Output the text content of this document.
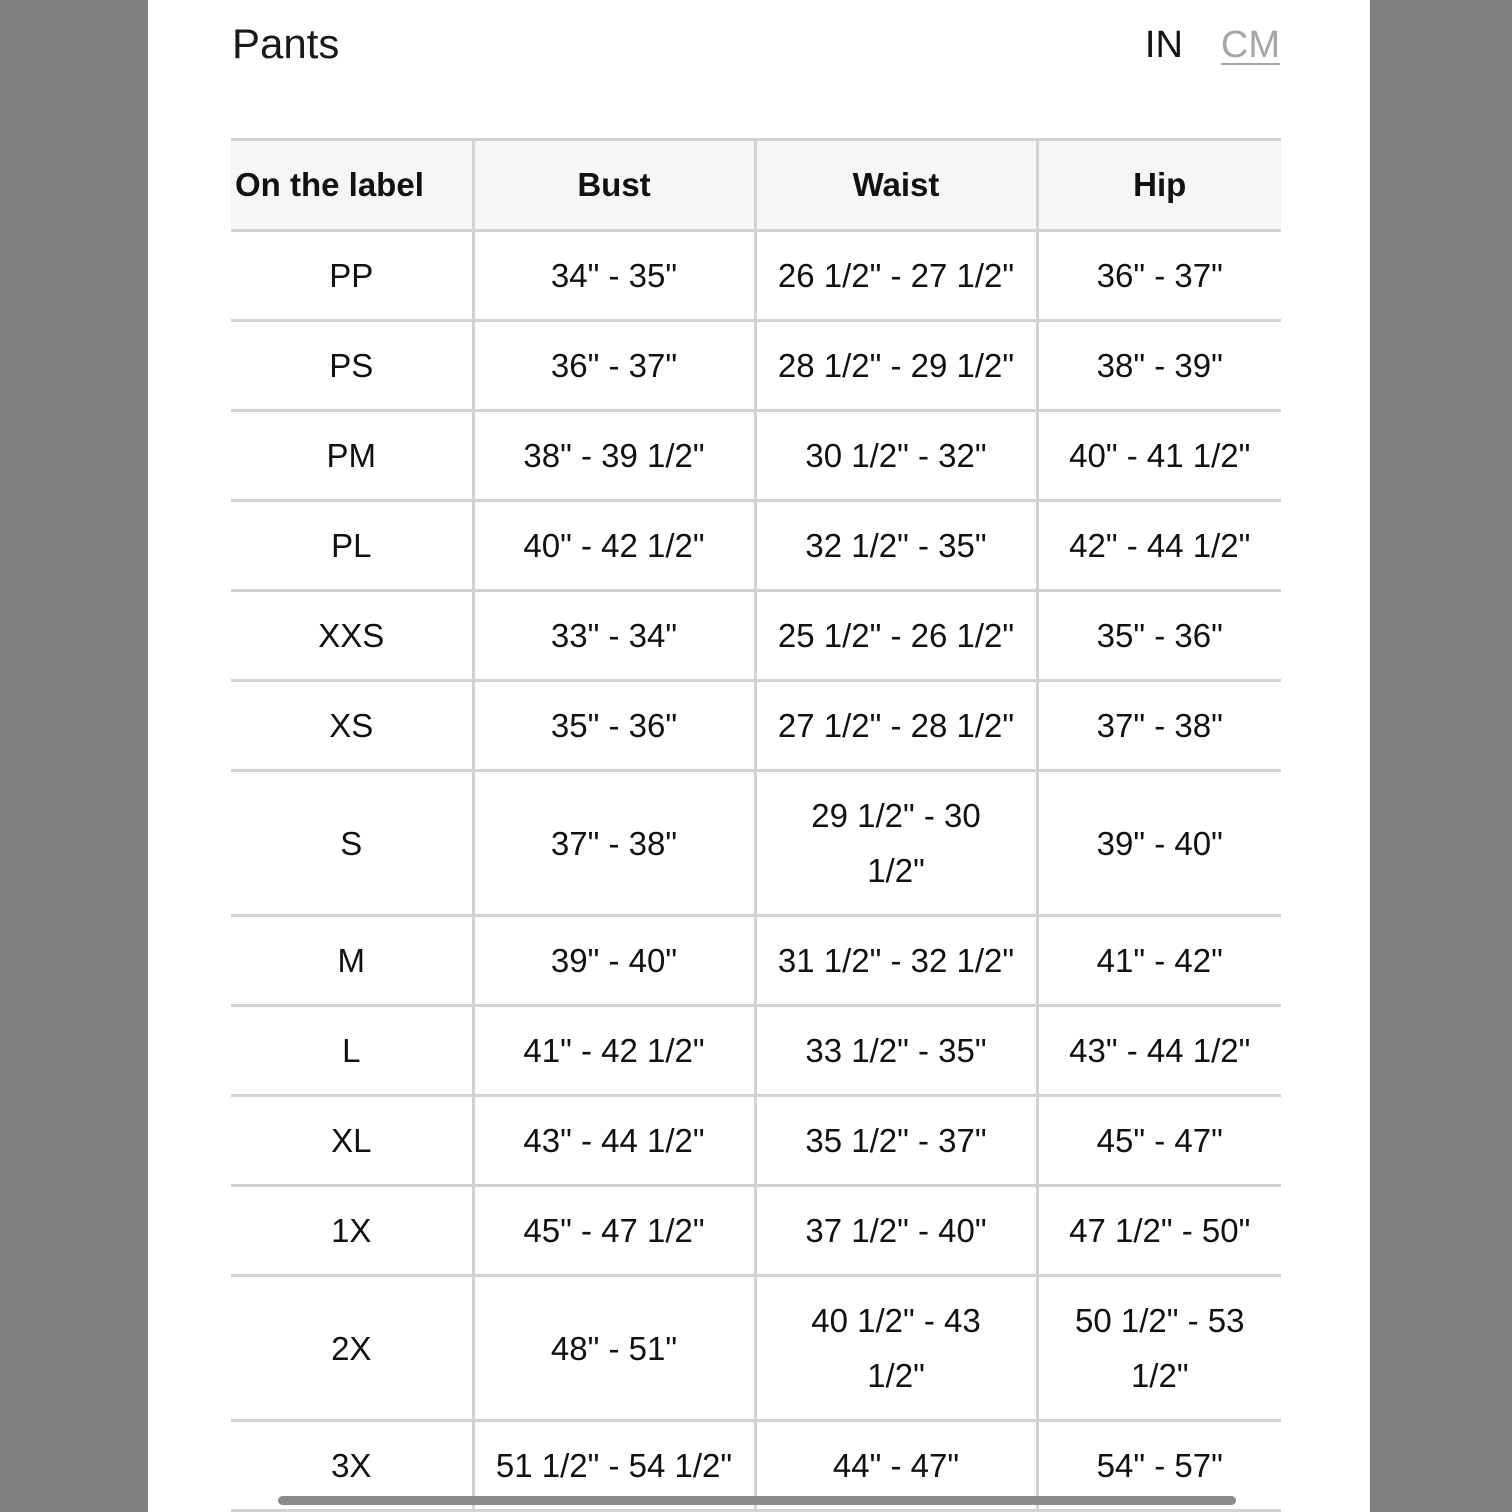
Pants	IN CM
On the label	Bust	Waist	Hip
PP	34" - 35"	26 1/2" - 27 1/2"	36" - 37"
PS	36" - 37"	28 1/2" - 29 1/2"	38" - 39"
PM	38" - 39 1/2"	30 1/2" - 32"	40" - 41 1/2"
PL	40" - 42 1/2"	32 1/2" - 35"	42" - 44 1/2"
XXS	33" - 34"	25 1/2" - 26 1/2"	35" - 36"
XS	35" - 36"	27 1/2" - 28 1/2"	37" - 38"
S	37" - 38"	29 1/2" - 30 1/2"	39" - 40"
M	39" - 40"	31 1/2" - 32 1/2"	41" - 42"
L	41" - 42 1/2"	33 1/2" - 35"	43" - 44 1/2"
XL	43" - 44 1/2"	35 1/2" - 37"	45" - 47"
1X	45" - 47 1/2"	37 1/2" - 40"	47 1/2" - 50"
2X	48" - 51"	40 1/2" - 43 1/2"	50 1/2" - 53 1/2"
3X	51 1/2" - 54 1/2"	44" - 47"	54" - 57"
